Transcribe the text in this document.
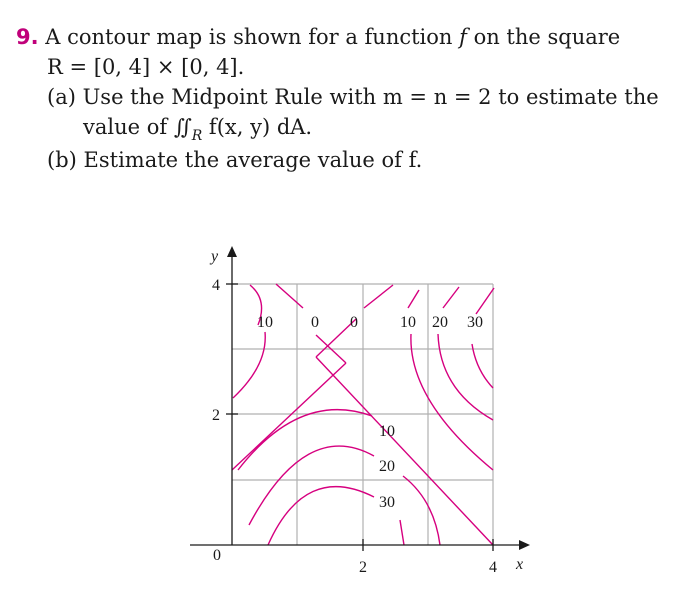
9. A contour map is shown for a function f on the square
R = [0, 4] × [0, 4].
(a) Use the Midpoint Rule with m = n = 2 to estimate the
value of $∬_R$ f(x, y) dA.
(b) Estimate the average value of f.
y
x
4
2
0
2	4
10 0 0	10 20 30
10
20
30
